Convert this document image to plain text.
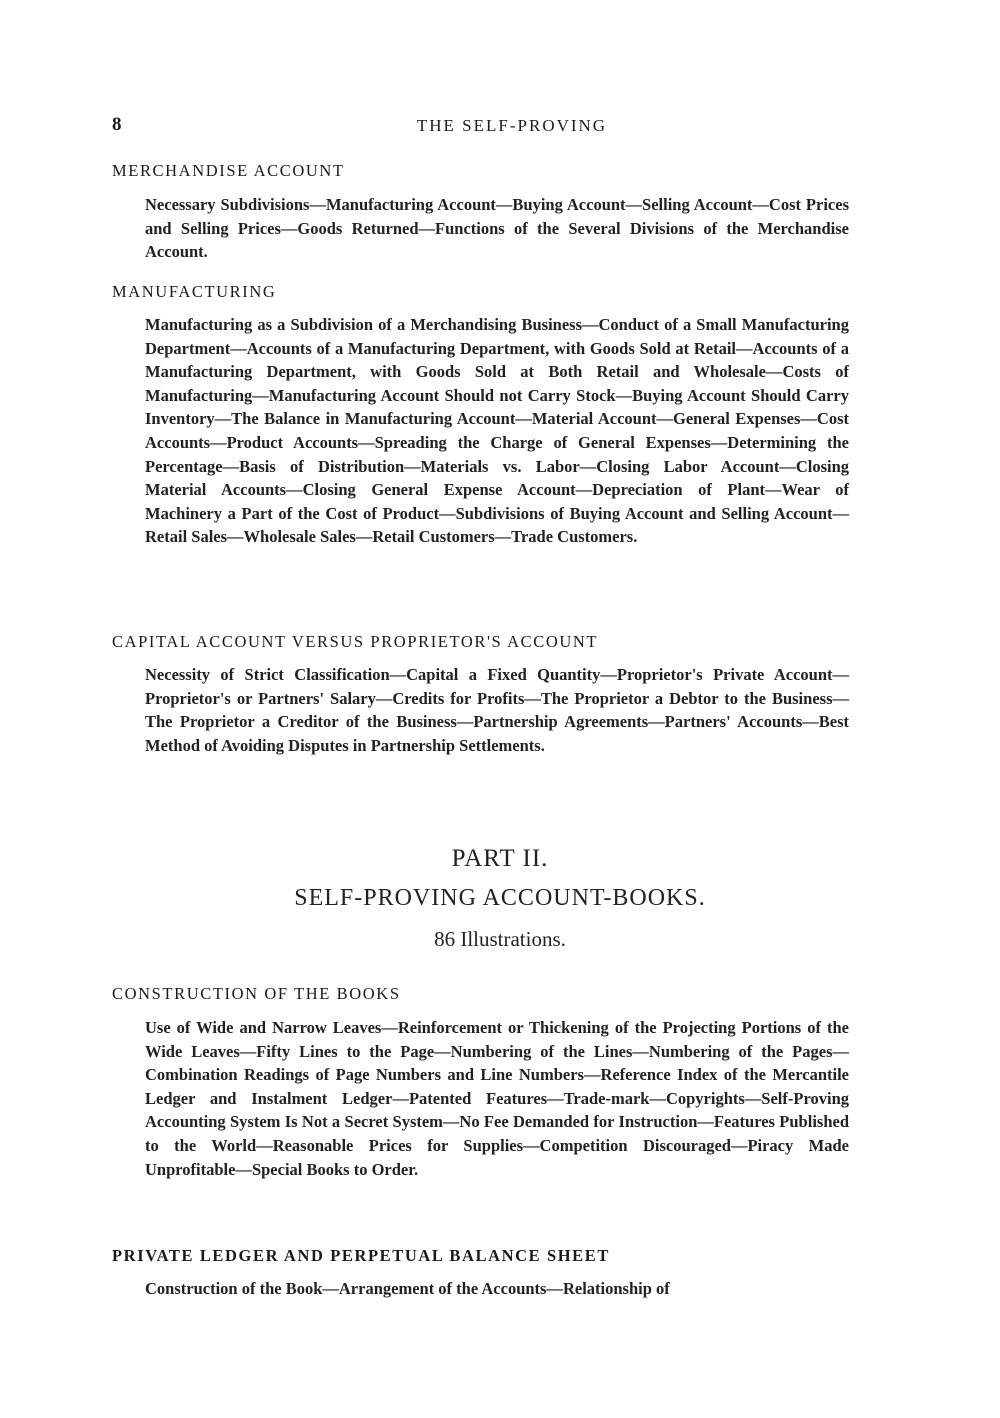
8	THE SELF-PROVING
MERCHANDISE ACCOUNT
Necessary Subdivisions—Manufacturing Account—Buying Account—Selling Account—Cost Prices and Selling Prices—Goods Returned—Functions of the Several Divisions of the Merchandise Account.
MANUFACTURING
Manufacturing as a Subdivision of a Merchandising Business—Conduct of a Small Manufacturing Department—Accounts of a Manufacturing Department, with Goods Sold at Retail—Accounts of a Manufacturing Department, with Goods Sold at Both Retail and Wholesale—Costs of Manufacturing—Manufacturing Account Should not Carry Stock—Buying Account Should Carry Inventory—The Balance in Manufacturing Account—Material Account—General Expenses—Cost Accounts—Product Accounts—Spreading the Charge of General Expenses—Determining the Percentage—Basis of Distribution—Materials vs. Labor—Closing Labor Account—Closing Material Accounts—Closing General Expense Account—Depreciation of Plant—Wear of Machinery a Part of the Cost of Product—Subdivisions of Buying Account and Selling Account—Retail Sales—Wholesale Sales—Retail Customers—Trade Customers.
CAPITAL ACCOUNT VERSUS PROPRIETOR'S ACCOUNT
Necessity of Strict Classification—Capital a Fixed Quantity—Proprietor's Private Account—Proprietor's or Partners' Salary—Credits for Profits—The Proprietor a Debtor to the Business—The Proprietor a Creditor of the Business—Partnership Agreements—Partners' Accounts—Best Method of Avoiding Disputes in Partnership Settlements.
PART II.
SELF-PROVING ACCOUNT-BOOKS.
86 Illustrations.
CONSTRUCTION OF THE BOOKS
Use of Wide and Narrow Leaves—Reinforcement or Thickening of the Projecting Portions of the Wide Leaves—Fifty Lines to the Page—Numbering of the Lines—Numbering of the Pages—Combination Readings of Page Numbers and Line Numbers—Reference Index of the Mercantile Ledger and Instalment Ledger—Patented Features—Trade-mark—Copyrights—Self-Proving Accounting System Is Not a Secret System—No Fee Demanded for Instruction—Features Published to the World—Reasonable Prices for Supplies—Competition Discouraged—Piracy Made Unprofitable—Special Books to Order.
PRIVATE LEDGER AND PERPETUAL BALANCE SHEET
Construction of the Book—Arrangement of the Accounts—Relationship of
